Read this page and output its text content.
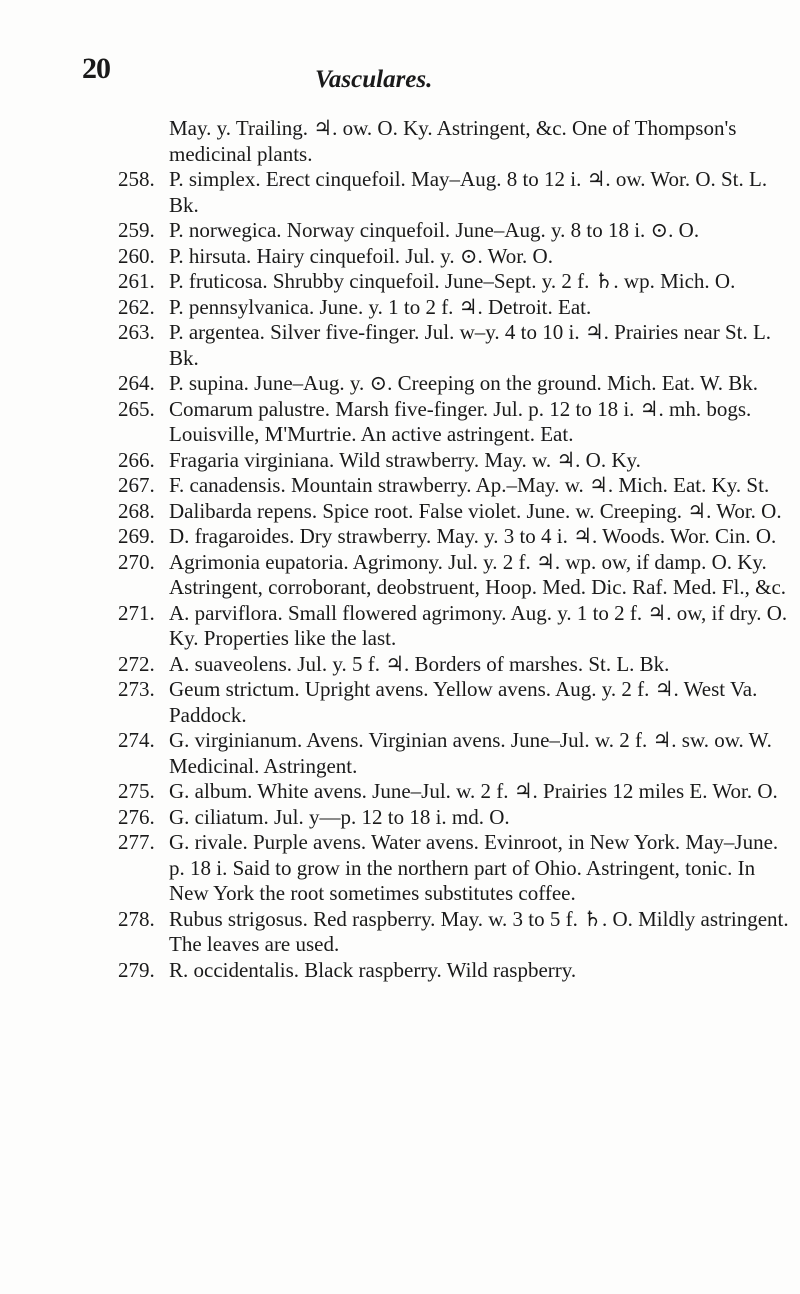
20	Vasculares.
May. y. Trailing. ♃. ow. O. Ky. Astringent, &c. One of Thompson's medicinal plants.
258. P. simplex. Erect cinquefoil. May–Aug. 8 to 12 i. ♃. ow. Wor. O. St. L. Bk.
259. P. norwegica. Norway cinquefoil. June–Aug. y. 8 to 18 i. ⊙. O.
260. P. hirsuta. Hairy cinquefoil. Jul. y. ⊙. Wor. O.
261. P. fruticosa. Shrubby cinquefoil. June–Sept. y. 2 f. ♄. wp. Mich. O.
262. P. pennsylvanica. June. y. 1 to 2 f. ♃. Detroit. Eat.
263. P. argentea. Silver five-finger. Jul. w–y. 4 to 10 i. ♃. Prairies near St. L. Bk.
264. P. supina. June–Aug. y. ⊙. Creeping on the ground. Mich. Eat. W. Bk.
265. Comarum palustre. Marsh five-finger. Jul. p. 12 to 18 i. ♃. mh. bogs. Louisville, M'Murtrie. An active astringent. Eat.
266. Fragaria virginiana. Wild strawberry. May. w. ♃. O. Ky.
267. F. canadensis. Mountain strawberry. Ap.–May. w. ♃. Mich. Eat. Ky. St.
268. Dalibarda repens. Spice root. False violet. June. w. Creeping. ♃. Wor. O.
269. D. fragaroides. Dry strawberry. May. y. 3 to 4 i. ♃. Woods. Wor. Cin. O.
270. Agrimonia eupatoria. Agrimony. Jul. y. 2 f. ♃. wp. ow, if damp. O. Ky. Astringent, corroborant, deobstruent, Hoop. Med. Dic. Raf. Med. Fl., &c.
271. A. parviflora. Small flowered agrimony. Aug. y. 1 to 2 f. ♃. ow, if dry. O. Ky. Properties like the last.
272. A. suaveolens. Jul. y. 5 f. ♃. Borders of marshes. St. L. Bk.
273. Geum strictum. Upright avens. Yellow avens. Aug. y. 2 f. ♃. West Va. Paddock.
274. G. virginianum. Avens. Virginian avens. June–Jul. w. 2 f. ♃. sw. ow. W. Medicinal. Astringent.
275. G. album. White avens. June–Jul. w. 2 f. ♃. Prairies 12 miles E. Wor. O.
276. G. ciliatum. Jul. y—p. 12 to 18 i. md. O.
277. G. rivale. Purple avens. Water avens. Evinroot, in New York. May–June. p. 18 i. Said to grow in the northern part of Ohio. Astringent, tonic. In New York the root sometimes substitutes coffee.
278. Rubus strigosus. Red raspberry. May. w. 3 to 5 f. ♄. O. Mildly astringent. The leaves are used.
279. R. occidentalis. Black raspberry. Wild raspberry.
